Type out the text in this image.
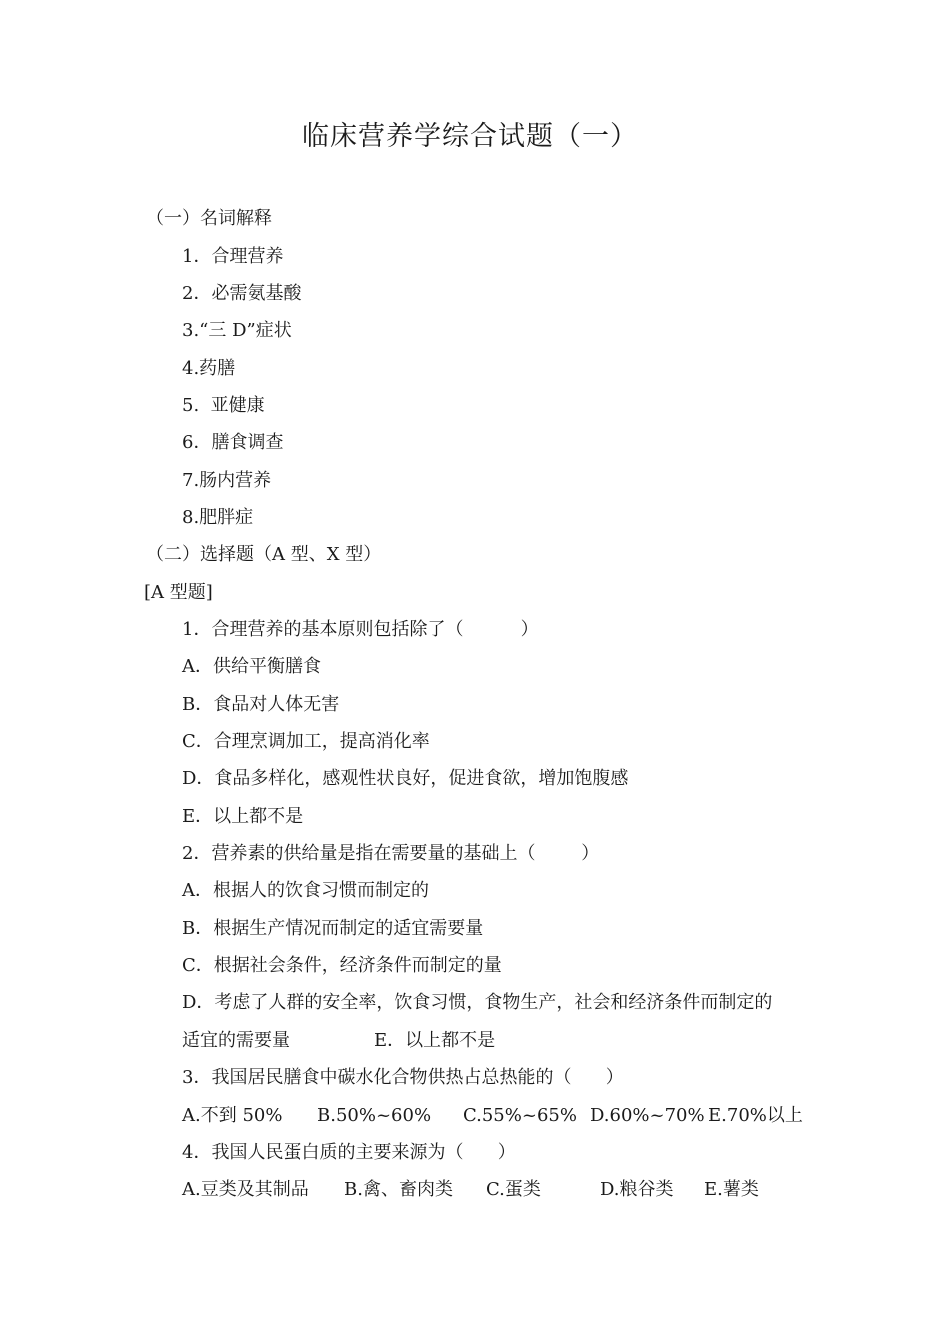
临床营养学综合试题（一）
（一）名词解释
1．合理营养
2．必需氨基酸
3.“三 D”症状
4.药膳
5.  亚健康
6．膳食调查
7.肠内营养
8.肥胖症
（二）选择题（A 型、X 型）
[A 型题]
1．合理营养的基本原则包括除了（          ）
A．供给平衡膳食
B．食品对人体无害
C．合理烹调加工，提高消化率
D．食品多样化，感观性状良好，促进食欲，增加饱腹感
E．以上都不是
2．营养素的供给量是指在需要量的基础上（        ）
A．根据人的饮食习惯而制定的
B．根据生产情况而制定的适宜需要量
C．根据社会条件，经济条件而制定的量
D．考虑了人群的安全率，饮食习惯，食物生产，社会和经济条件而制定的

适宜的需要量

	E．以上都不是

3．我国居民膳食中碳水化合物供热占总热能的（      ）

A.不到 50%

B.50%~60%

C.55%~65%

D.60%~70%

E.70%以上

4．我国人民蛋白质的主要来源为（      ）

A.豆类及其制品

B.禽、畜肉类

C.蛋类

	D.粮谷类

E.薯类
